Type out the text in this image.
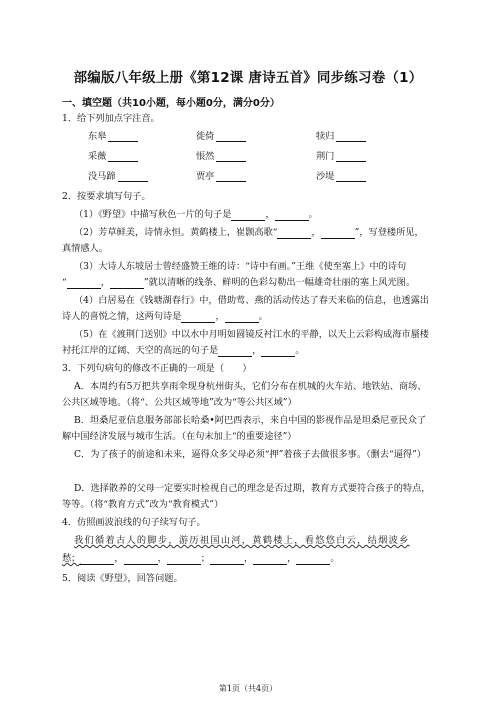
部编版八年级上册《第12课 唐诗五首》同步练习卷（1）
一、填空题（共10小题，每小题0分，满分0分）
1．给下列加点字注音。
东皋	徙倚	犊归
采薇	悵然	荆门
没马蹄	贾亭	沙堤
2．按要求填写句子。
（1）《野望》中描写秋色一片的句子是	，	。
（2）芳草鲜美，诗情永恒。黄鹤楼上，崔颢高歌“	，	”，写登楼所见，
真情感人。
（3）大诗人东坡居士曾经盛赞王维的诗：“诗中有画。”王维《使至塞上》中的诗句
“	，	”就以清晰的线条、鲜明的色彩勾勒出一幅雄奇壮丽的塞上风光图。
（4）白居易在《钱塘湖春行》中，借助莺、燕的活动传达了春天来临的信息，也透露出
诗人的喜悦之情，这两句诗是	，	。
（5）在《渡荆门送别》中以水中月明如圆镜反衬江水的平静，以天上云彩构成海市蜃楼
衬托江岸的辽阔、天空的高远的句子是	，	。
3．下列句病句的修改不正确的一项是（　　）
A．本周约有5万把共享雨伞现身杭州街头，它们分布在机城的火车站、地铁站、商场、
公共区域等地。（将“、公共区域等地”改为“等公共区域”）
B．坦桑尼亚信息服务部部长哈桑•阿巴西表示，来自中国的影视作品是坦桑尼亚民众了
解中国经济发展与城市生活。（在句末加上“的重要途径”）
C．为了孩子的前途和未来，逼得众多父母必须“押”着孩子去做很多事。（删去“逼得”）
D．选择散养的父母一定要实时检视自己的理念是否过期，教育方式要符合孩子的特点，
等等。（将“教育方式”改为“教育模式”）
4．仿照画波浪线的句子续写句子。
我们循着古人的脚步，游历祖国山河，黄鹤楼上，看悠悠白云，结烟波乡
愁；	，	，	；	，	，	。
5．阅读《野望》，回答问题。
第1页（共4页）
